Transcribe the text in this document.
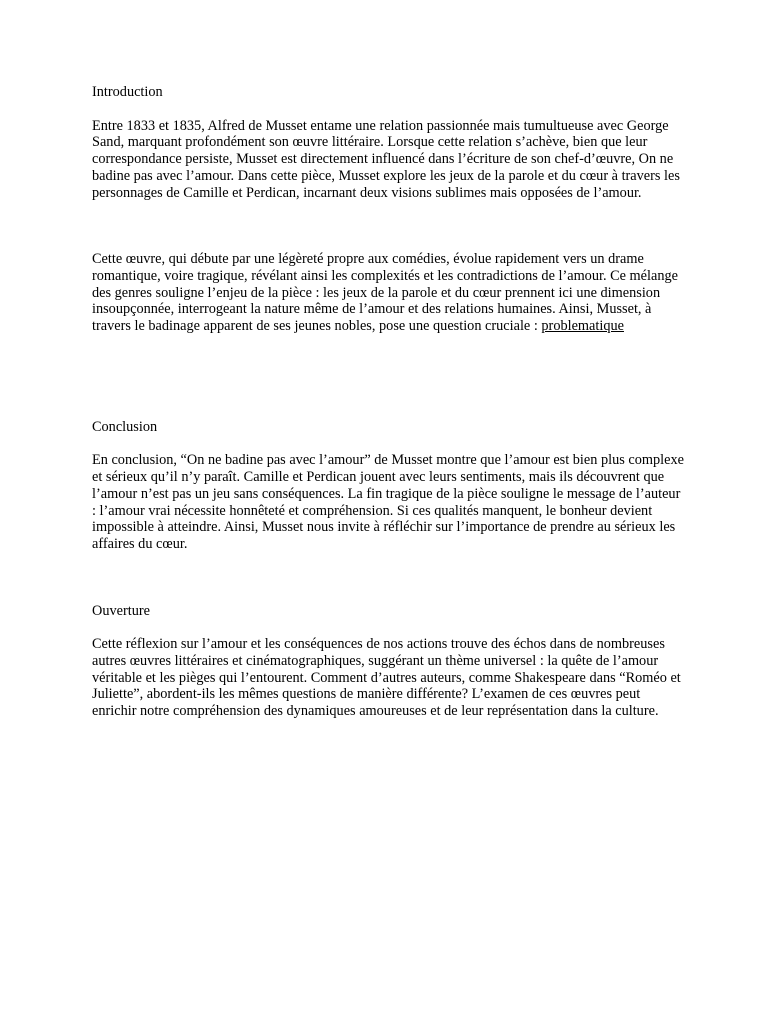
Introduction

Entre 1833 et 1835, Alfred de Musset entame une relation passionnée mais tumultueuse avec George Sand, marquant profondément son œuvre littéraire. Lorsque cette relation s’achève, bien que leur correspondance persiste, Musset est directement influencé dans l’écriture de son chef-d’œuvre, On ne badine pas avec l’amour. Dans cette pièce, Musset explore les jeux de la parole et du cœur à travers les personnages de Camille et Perdican, incarnant deux visions sublimes mais opposées de l’amour.

Cette œuvre, qui débute par une légèreté propre aux comédies, évolue rapidement vers un drame romantique, voire tragique, révélant ainsi les complexités et les contradictions de l’amour. Ce mélange des genres souligne l’enjeu de la pièce : les jeux de la parole et du cœur prennent ici une dimension insoupçonnée, interrogeant la nature même de l’amour et des relations humaines. Ainsi, Musset, à travers le badinage apparent de ses jeunes nobles, pose une question cruciale : problematique

Conclusion

En conclusion, “On ne badine pas avec l’amour” de Musset montre que l’amour est bien plus complexe et sérieux qu’il n’y paraît. Camille et Perdican jouent avec leurs sentiments, mais ils découvrent que l’amour n’est pas un jeu sans conséquences. La fin tragique de la pièce souligne le message de l’auteur : l’amour vrai nécessite honnêteté et compréhension. Si ces qualités manquent, le bonheur devient impossible à atteindre. Ainsi, Musset nous invite à réfléchir sur l’importance de prendre au sérieux les affaires du cœur.

Ouverture

Cette réflexion sur l’amour et les conséquences de nos actions trouve des échos dans de nombreuses autres œuvres littéraires et cinématographiques, suggérant un thème universel : la quête de l’amour véritable et les pièges qui l’entourent. Comment d’autres auteurs, comme Shakespeare dans “Roméo et Juliette”, abordent-ils les mêmes questions de manière différente? L’examen de ces œuvres peut enrichir notre compréhension des dynamiques amoureuses et de leur représentation dans la culture.
